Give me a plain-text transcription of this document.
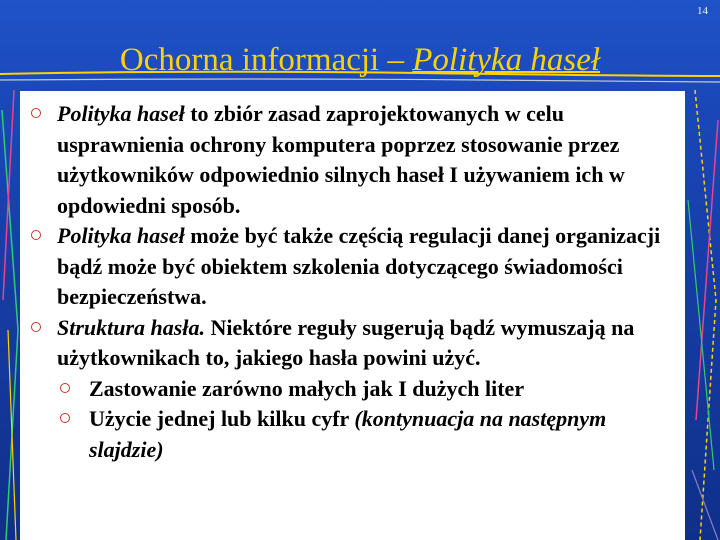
14
Ochorna informacji – Polityka haseł
Polityka haseł to zbiór zasad zaprojektowanych w celu usprawnienia ochrony komputera poprzez stosowanie przez użytkowników odpowiednio silnych haseł I używaniem ich w opdowiedni sposób.
Polityka haseł może być także częścią regulacji danej organizacji bądź może być obiektem szkolenia dotyczącego świadomości bezpieczeństwa.
Struktura hasła. Niektóre reguły sugerują bądź wymuszają na użytkownikach to, jakiego hasła powini użyć.
Zastowanie zarówno małych jak I dużych liter
Użycie jednej lub kilku cyfr (kontynuacja na następnym slajdzie)
